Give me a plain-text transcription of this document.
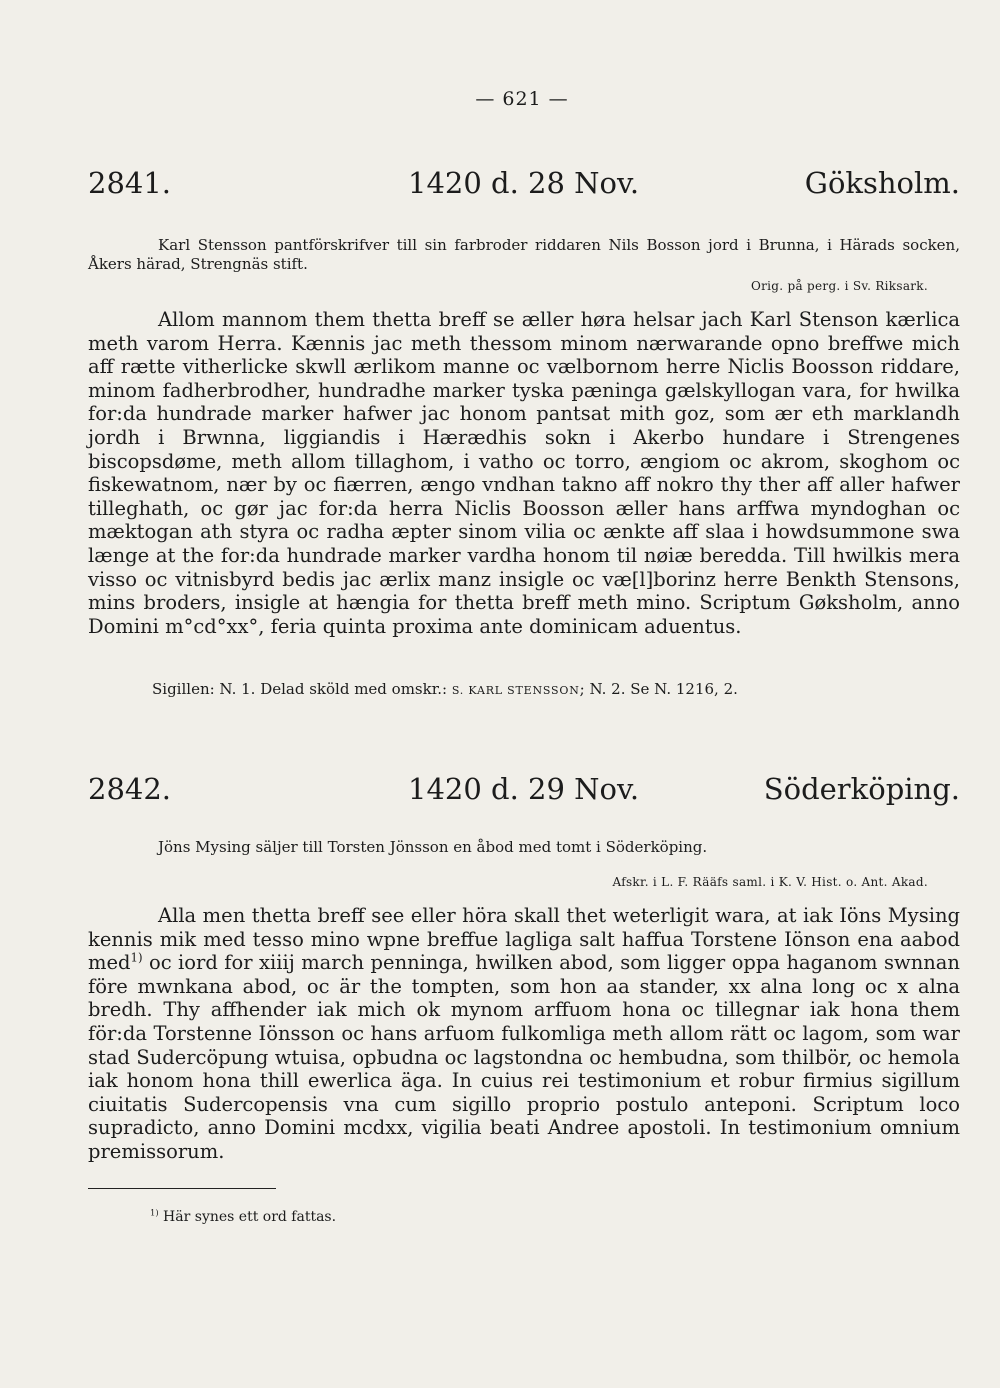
— 621 —
2841.	1420 d. 28 Nov.	Göksholm.
Karl Stensson pantförskrifver till sin farbroder riddaren Nils Bosson jord i Brunna, i Härads socken, Åkers härad, Strengnäs stift.
Orig. på perg. i Sv. Riksark.

Allom mannom them thetta breff se æller høra helsar jach Karl Stenson kærlica meth varom Herra. Kænnis jac meth thessom minom nærwarande opno breffwe mich aff rætte vitherlicke skwll ærlikom manne oc vælbornom herre Niclis Boosson riddare, minom fadherbrodher, hundradhe marker tyska pæninga gælskyllogan vara, for hwilka for:da hundrade marker hafwer jac honom pantsat mith goz, som ær eth marklandh jordh i Brwnna, liggiandis i Hærædhis sokn i Akerbo hundare i Strengenes biscopsdøme, meth allom tillaghom, i vatho oc torro, ængiom oc akrom, skoghom oc fiskewatnom, nær by oc fiærren, ængo vndhan takno aff nokro thy ther aff aller hafwer tilleghath, oc gør jac for:da herra Niclis Boosson æller hans arffwa myndoghan oc mæktogan ath styra oc radha æpter sinom vilia oc ænkte aff slaa i howdsummone swa længe at the for:da hundrade marker vardha honom til nøiæ beredda. Till hwilkis mera visso oc vitnisbyrd bedis jac ærlix manz insigle oc væ[l]borinz herre Benkth Stensons, mins broders, insigle at hængia for thetta breff meth mino. Scriptum Gøksholm, anno Domini m°cd°xx°, feria quinta proxima ante dominicam aduentus.

Sigillen: N. 1. Delad sköld med omskr.: S. KARL STENSSON; N. 2. Se N. 1216, 2.
2842.	1420 d. 29 Nov.	Söderköping.
Jöns Mysing säljer till Torsten Jönsson en åbod med tomt i Söderköping.
Afskr. i L. F. Rääfs saml. i K. V. Hist. o. Ant. Akad.

Alla men thetta breff see eller höra skall thet weterligit wara, at iak Iöns Mysing kennis mik med tesso mino wpne breffue lagliga salt haffua Torstene Iönson ena aabod med$^{1)}$ oc iord for xiiij march penninga, hwilken abod, som ligger oppa haganom swnnan före mwnkana abod, oc är the tompten, som hon aa stander, xx alna long oc x alna bredh. Thy affhender iak mich ok mynom arffuom hona oc tillegnar iak hona them för:da Torstenne Iönsson oc hans arfuom fulkomliga meth allom rätt oc lagom, som war stad Sudercöpung wtuisa, opbudna oc lagstondna oc hembudna, som thilbör, oc hemola iak honom hona thill ewerlica äga. In cuius rei testimonium et robur firmius sigillum ciuitatis Sudercopensis vna cum sigillo proprio postulo anteponi. Scriptum loco supradicto, anno Domini mcdxx, vigilia beati Andree apostoli. In testimonium omnium premissorum.

$^{1)}$ Här synes ett ord fattas.
